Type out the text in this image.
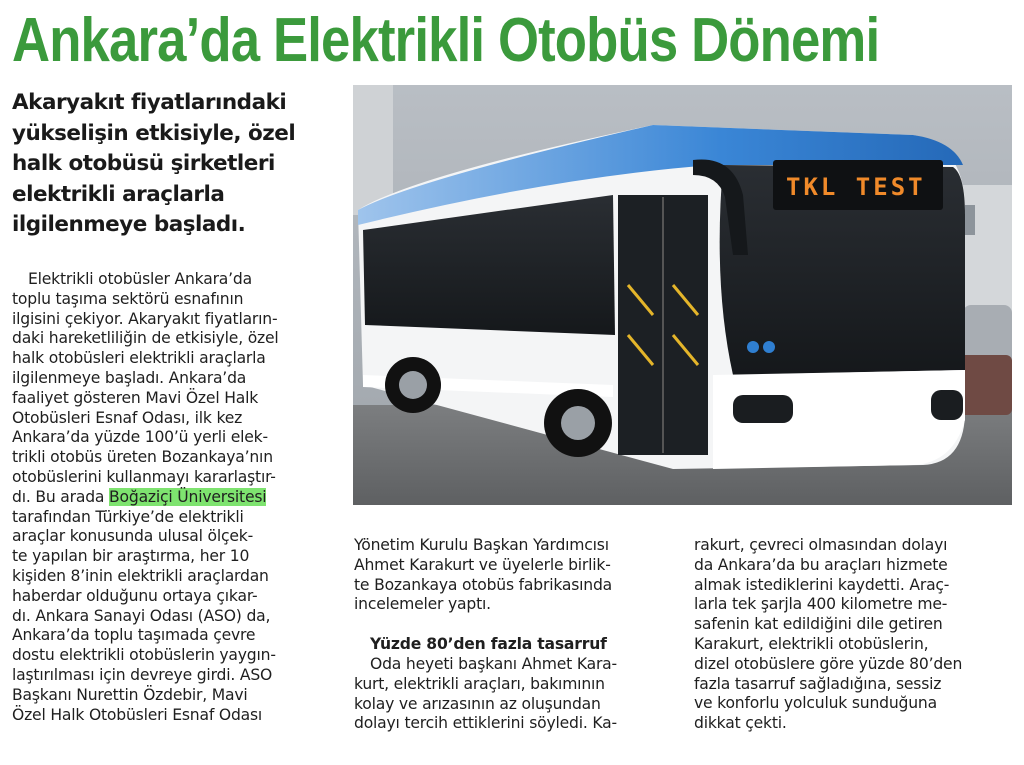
Ankara’da Elektrikli Otobüs Dönemi
Akaryakıt fiyatlarındaki
yükselişin etkisiyle, özel
halk otobüsü şirketleri
elektrikli araçlarla
ilgilenmeye başladı.
TKL TEST
Elektrikli otobüsler Ankara’da
toplu taşıma sektörü esnafının
ilgisini çekiyor. Akaryakıt fiyatların-
daki hareketliliğin de etkisiyle, özel
halk otobüsleri elektrikli araçlarla
ilgilenmeye başladı. Ankara’da
faaliyet gösteren Mavi Özel Halk
Otobüsleri Esnaf Odası, ilk kez
Ankara’da yüzde 100’ü yerli elek-
trikli otobüs üreten Bozankaya’nın
otobüslerini kullanmayı kararlaştır-
dı. Bu arada Boğaziçi Üniversitesi
tarafından Türkiye’de elektrikli
araçlar konusunda ulusal ölçek-
te yapılan bir araştırma, her 10
kişiden 8’inin elektrikli araçlardan
haberdar olduğunu ortaya çıkar-
dı. Ankara Sanayi Odası (ASO) da,
Ankara’da toplu taşımada çevre
dostu elektrikli otobüslerin yaygın-
laştırılması için devreye girdi. ASO
Başkanı Nurettin Özdebir, Mavi
Özel Halk Otobüsleri Esnaf Odası
Yönetim Kurulu Başkan Yardımcısı
Ahmet Karakurt ve üyelerle birlik-
te Bozankaya otobüs fabrikasında
incelemeler yaptı.
Yüzde 80’den fazla tasarruf
Oda heyeti başkanı Ahmet Kara-
kurt, elektrikli araçları, bakımının
kolay ve arızasının az oluşundan
dolayı tercih ettiklerini söyledi. Ka-
rakurt, çevreci olmasından dolayı
da Ankara’da bu araçları hizmete
almak istediklerini kaydetti. Araç-
larla tek şarjla 400 kilometre me-
safenin kat edildiğini dile getiren
Karakurt, elektrikli otobüslerin,
dizel otobüslere göre yüzde 80’den
fazla tasarruf sağladığına, sessiz
ve konforlu yolculuk sunduğuna
dikkat çekti.
